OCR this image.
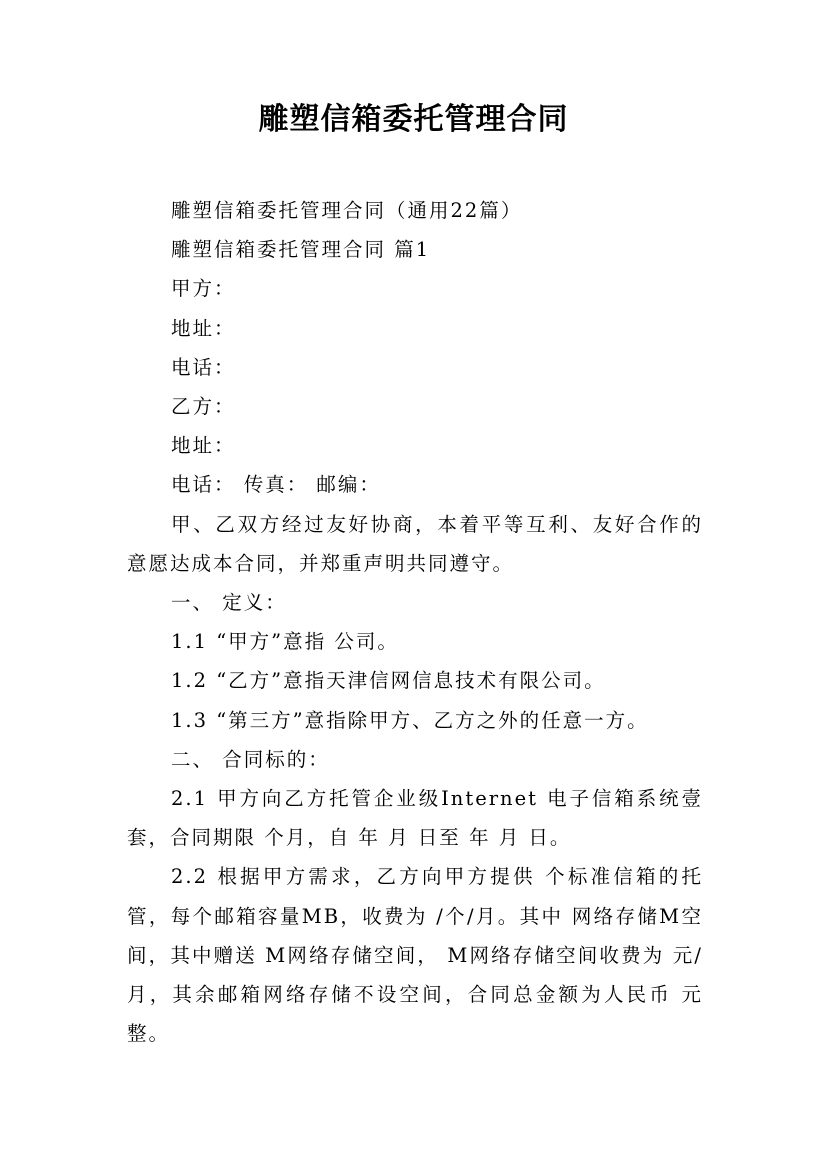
雕塑信箱委托管理合同

雕塑信箱委托管理合同（通用22篇）

雕塑信箱委托管理合同 篇1

甲方：

地址：

电话：

乙方：

地址：

电话： 传真： 邮编：

甲、乙双方经过友好协商，本着平等互利、友好合作的意愿达成本合同，并郑重声明共同遵守。

一、 定义：

1.1 “甲方”意指 公司。

1.2 “乙方”意指天津信网信息技术有限公司。

1.3 “第三方”意指除甲方、乙方之外的任意一方。

二、 合同标的：

2.1 甲方向乙方托管企业级Internet 电子信箱系统壹套，合同期限 个月，自 年 月 日至 年 月 日。

2.2 根据甲方需求，乙方向甲方提供 个标准信箱的托管，每个邮箱容量MB，收费为 /个/月。其中 网络存储M空间，其中赠送 M网络存储空间， M网络存储空间收费为 元/月，其余邮箱网络存储不设空间，合同总金额为人民币 元整。
